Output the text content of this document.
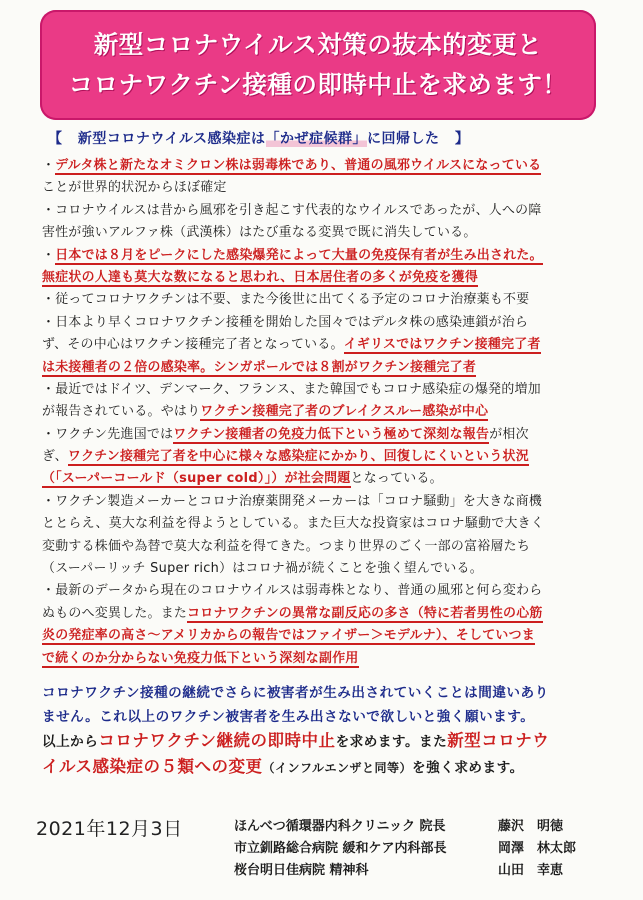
新型コロナウイルス対策の抜本的変更と
コロナワクチン接種の即時中止を求めます！
【 新型コロナウイルス感染症は「かぜ症候群」に回帰した 】
・デルタ株と新たなオミクロン株は弱毒株であり、普通の風邪ウイルスになっている
ことが世界的状況からほぼ確定
・コロナウイルスは昔から風邪を引き起こす代表的なウイルスであったが、人への障
害性が強いアルファ株（武漢株）はたび重なる変異で既に消失している。
・日本では８月をピークにした感染爆発によって大量の免疫保有者が生み出された。
無症状の人達も莫大な数になると思われ、日本居住者の多くが免疫を獲得
・従ってコロナワクチンは不要、また今後世に出てくる予定のコロナ治療薬も不要
・日本より早くコロナワクチン接種を開始した国々ではデルタ株の感染連鎖が治ら
ず、その中心はワクチン接種完了者となっている。イギリスではワクチン接種完了者
は未接種者の２倍の感染率。シンガポールでは８割がワクチン接種完了者
・最近ではドイツ、デンマーク、フランス、また韓国でもコロナ感染症の爆発的増加
が報告されている。やはりワクチン接種完了者のブレイクスルー感染が中心
・ワクチン先進国ではワクチン接種者の免疫力低下という極めて深刻な報告が相次
ぎ、ワクチン接種完了者を中心に様々な感染症にかかり、回復しにくいという状況
（「スーパーコールド（super cold）」）が社会問題となっている。
・ワクチン製造メーカーとコロナ治療薬開発メーカーは「コロナ騒動」を大きな商機
ととらえ、莫大な利益を得ようとしている。また巨大な投資家はコロナ騒動で大きく
変動する株価や為替で莫大な利益を得てきた。つまり世界のごく一部の富裕層たち
（スーパーリッチ Super rich）はコロナ禍が続くことを強く望んでいる。
・最新のデータから現在のコロナウイルスは弱毒株となり、普通の風邪と何ら変わら
ぬものへ変異した。またコロナワクチンの異常な副反応の多さ（特に若者男性の心筋
炎の発症率の高さ～アメリカからの報告ではファイザー＞モデルナ）、そしていつま
で続くのか分からない免疫力低下という深刻な副作用
コロナワクチン接種の継続でさらに被害者が生み出されていくことは間違いあり
ません。これ以上のワクチン被害者を生み出さないで欲しいと強く願います。
以上からコロナワクチン継続の即時中止を求めます。また新型コロナウ
イルス感染症の５類への変更（インフルエンザと同等）を強く求めます。
2021年12月3日	ほんべつ循環器内科クリニック 院長	藤沢　明徳
市立釧路総合病院 緩和ケア内科部長	岡澤　林太郎
桜台明日佳病院 精神科	山田　幸恵
